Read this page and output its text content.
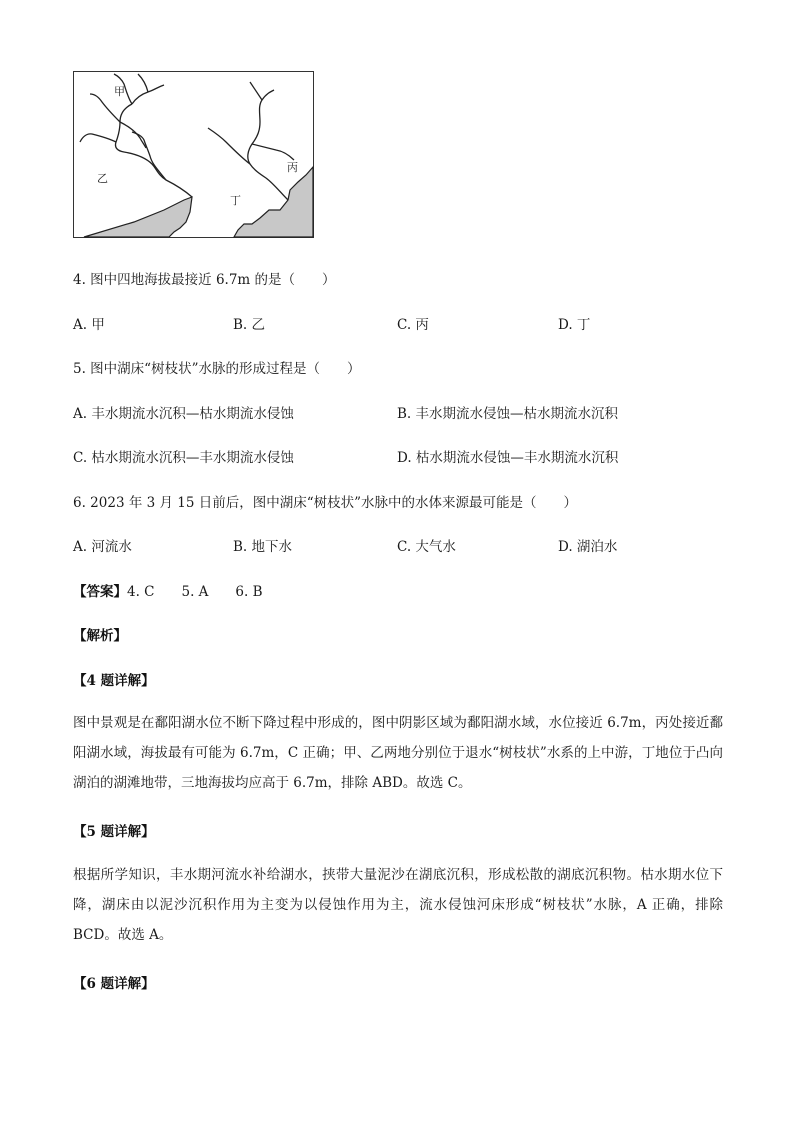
甲
乙
丙
丁
4. 图中四地海拔最接近 6.7m 的是（　　）
A. 甲	B. 乙	C. 丙	D. 丁
5. 图中湖床“树枝状”水脉的形成过程是（　　）
A. 丰水期流水沉积—枯水期流水侵蚀	B. 丰水期流水侵蚀—枯水期流水沉积
C. 枯水期流水沉积—丰水期流水侵蚀	D. 枯水期流水侵蚀—丰水期流水沉积
6. 2023 年 3 月 15 日前后，图中湖床“树枝状”水脉中的水体来源最可能是（　　）
A. 河流水	B. 地下水	C. 大气水	D. 湖泊水
【答案】4. C　　5. A　　6. B
【解析】
【4 题详解】
图中景观是在鄱阳湖水位不断下降过程中形成的，图中阴影区域为鄱阳湖水域，水位接近 6.7m，丙处接近鄱阳湖水域，海拔最有可能为 6.7m，C 正确；甲、乙两地分别位于退水“树枝状”水系的上中游，丁地位于凸向湖泊的湖滩地带，三地海拔均应高于 6.7m，排除 ABD。故选 C。
【5 题详解】
根据所学知识，丰水期河流水补给湖水，挟带大量泥沙在湖底沉积，形成松散的湖底沉积物。枯水期水位下降，湖床由以泥沙沉积作用为主变为以侵蚀作用为主，流水侵蚀河床形成“树枝状”水脉，A 正确，排除 BCD。故选 A。
【6 题详解】
